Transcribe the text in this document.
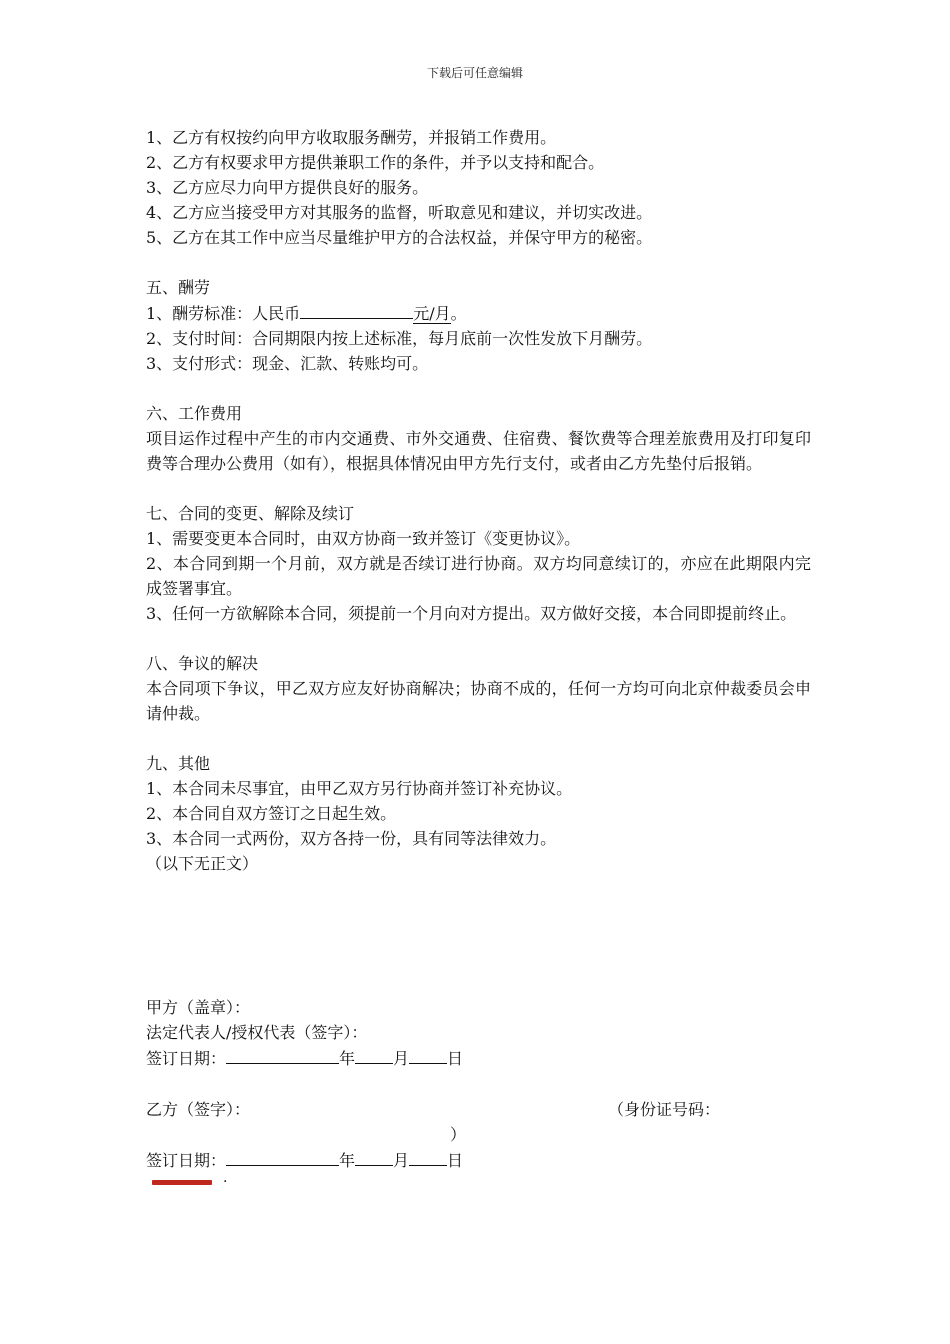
下载后可任意编辑
1、乙方有权按约向甲方收取服务酬劳，并报销工作费用。
2、乙方有权要求甲方提供兼职工作的条件，并予以支持和配合。
3、乙方应尽力向甲方提供良好的服务。
4、乙方应当接受甲方对其服务的监督，听取意见和建议，并切实改进。
5、乙方在其工作中应当尽量维护甲方的合法权益，并保守甲方的秘密。
五、酬劳
1、酬劳标准：人民币	元/月。
2、支付时间：合同期限内按上述标准，每月底前一次性发放下月酬劳。
3、支付形式：现金、汇款、转账均可。
六、工作费用
项目运作过程中产生的市内交通费、市外交通费、住宿费、餐饮费等合理差旅费用及打印复印费等合理办公费用（如有），根据具体情况由甲方先行支付，或者由乙方先垫付后报销。
七、合同的变更、解除及续订
1、需要变更本合同时，由双方协商一致并签订《变更协议》。
2、本合同到期一个月前，双方就是否续订进行协商。双方均同意续订的，亦应在此期限内完成签署事宜。
3、任何一方欲解除本合同，须提前一个月向对方提出。双方做好交接，本合同即提前终止。
八、争议的解决
本合同项下争议，甲乙双方应友好协商解决；协商不成的，任何一方均可向北京仲裁委员会申请仲裁。
九、其他
1、本合同未尽事宜，由甲乙双方另行协商并签订补充协议。
2、本合同自双方签订之日起生效。
3、本合同一式两份，双方各持一份，具有同等法律效力。
（以下无正文）
甲方（盖章）：
法定代表人/授权代表（签字）：
签订日期：	年 月 日
乙方（签字）：	（身份证号码：
）
签订日期：	年 月 日
.
